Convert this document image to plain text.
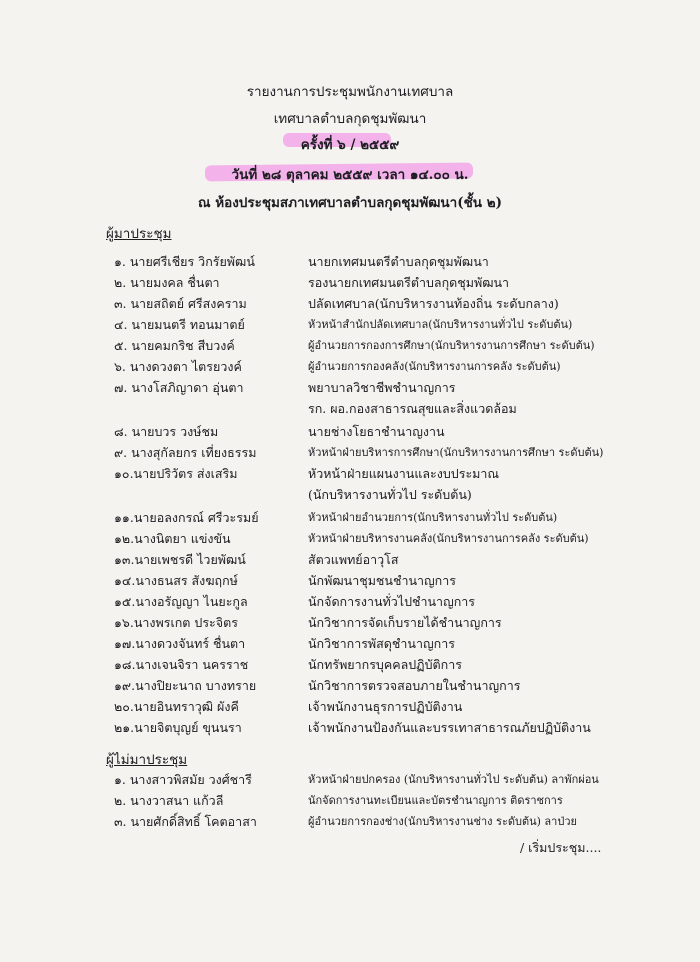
รายงานการประชุมพนักงานเทศบาล
เทศบาลตำบลกุดชุมพัฒนา
ครั้งที่ ๖ / ๒๕๕๙
วันที่ ๒๘ ตุลาคม ๒๕๕๙ เวลา ๑๔.๐๐ น.
ณ ห้องประชุมสภาเทศบาลตำบลกุดชุมพัฒนา(ชั้น ๒)
ผู้มาประชุม
๑. นายศรีเชียร วิกรัยพัฒน์	นายกเทศมนตรีตำบลกุดชุมพัฒนา
๒. นายมงคล ชื่นตา	รองนายกเทศมนตรีตำบลกุดชุมพัฒนา
๓. นายสถิตย์ ศรีสงคราม	ปลัดเทศบาล(นักบริหารงานท้องถิ่น ระดับกลาง)
๔. นายมนตรี ทอนมาตย์	หัวหน้าสำนักปลัดเทศบาล(นักบริหารงานทั่วไป ระดับต้น)
๕. นายคมกริช สีบวงค์	ผู้อำนวยการกองการศึกษา(นักบริหารงานการศึกษา ระดับต้น)
๖. นางดวงตา ไตรยวงค์	ผู้อำนวยการกองคลัง(นักบริหารงานการคลัง ระดับต้น)
๗. นางโสภิญาดา อุ่นตา	พยาบาลวิชาชีพชำนาญการ
รก. ผอ.กองสาธารณสุขและสิ่งแวดล้อม
๘. นายบวร วงษ์ชม	นายช่างโยธาชำนาญงาน
๙. นางสุกัลยกร เที่ยงธรรม	หัวหน้าฝ่ายบริหารการศึกษา(นักบริหารงานการศึกษา ระดับต้น)
๑๐.นายปริวัตร ส่งเสริม	หัวหน้าฝ่ายแผนงานและงบประมาณ
(นักบริหารงานทั่วไป ระดับต้น)
๑๑.นายอลงกรณ์ ศรีวะรมย์	หัวหน้าฝ่ายอำนวยการ(นักบริหารงานทั่วไป ระดับต้น)
๑๒.นางนิตยา แข่งขัน	หัวหน้าฝ่ายบริหารงานคลัง(นักบริหารงานการคลัง ระดับต้น)
๑๓.นายเพชรดี ไวยพัฒน์	สัตวแพทย์อาวุโส
๑๔.นางธนสร สังฆฤกษ์	นักพัฒนาชุมชนชำนาญการ
๑๕.นางอรัญญา ไนยะกูล	นักจัดการงานทั่วไปชำนาญการ
๑๖.นางพรเกต ประจิตร	นักวิชาการจัดเก็บรายได้ชำนาญการ
๑๗.นางดวงจันทร์ ชื่นตา	นักวิชาการพัสดุชำนาญการ
๑๘.นางเจนจิรา นครราช	นักทรัพยากรบุคคลปฏิบัติการ
๑๙.นางปิยะนาถ บางทราย	นักวิชาการตรวจสอบภายในชำนาญการ
๒๐.นายอินทราวุฒิ ผังคี	เจ้าพนักงานธุรการปฏิบัติงาน
๒๑.นายจิตบุญย์ ขุนนรา	เจ้าพนักงานป้องกันและบรรเทาสาธารณภัยปฏิบัติงาน
ผู้ไม่มาประชุม
๑. นางสาวพิสมัย วงศ์ชารี	หัวหน้าฝ่ายปกครอง (นักบริหารงานทั่วไป ระดับต้น) ลาพักผ่อน
๒. นางวาสนา แก้วลี	นักจัดการงานทะเบียนและบัตรชำนาญการ ติดราชการ
๓. นายศักดิ์สิทธิ์ โคตอาสา	ผู้อำนวยการกองช่าง(นักบริหารงานช่าง ระดับต้น) ลาป่วย
/ เริ่มประชุม....
